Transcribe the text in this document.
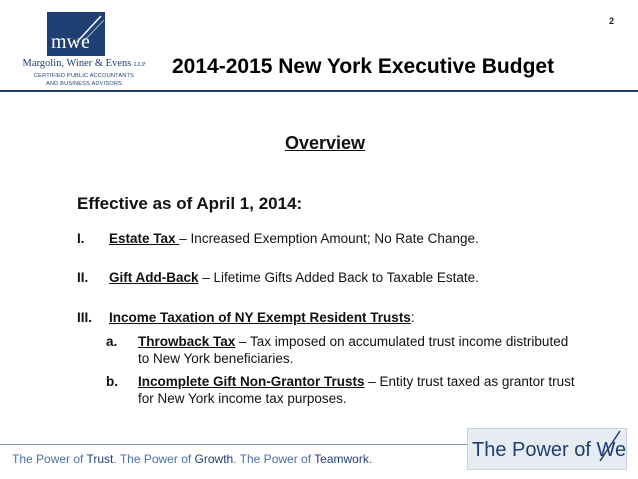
2
mwe
Margolin, Winer & Evens LLP
CERTIFIED PUBLIC ACCOUNTANTS
AND BUSINESS ADVISORS
2014-2015 New York Executive Budget
Overview
Effective as of April 1, 2014:
I. Estate Tax – Increased Exemption Amount; No Rate Change.
II. Gift Add-Back – Lifetime Gifts Added Back to Taxable Estate.
III. Income Taxation of NY Exempt Resident Trusts:
a. Throwback Tax – Tax imposed on accumulated trust income distributed to New York beneficiaries.
b. Incomplete Gift Non-Grantor Trusts – Entity trust taxed as grantor trust for New York income tax purposes.
The Power of Trust. The Power of Growth. The Power of Teamwork.	The Power of We
